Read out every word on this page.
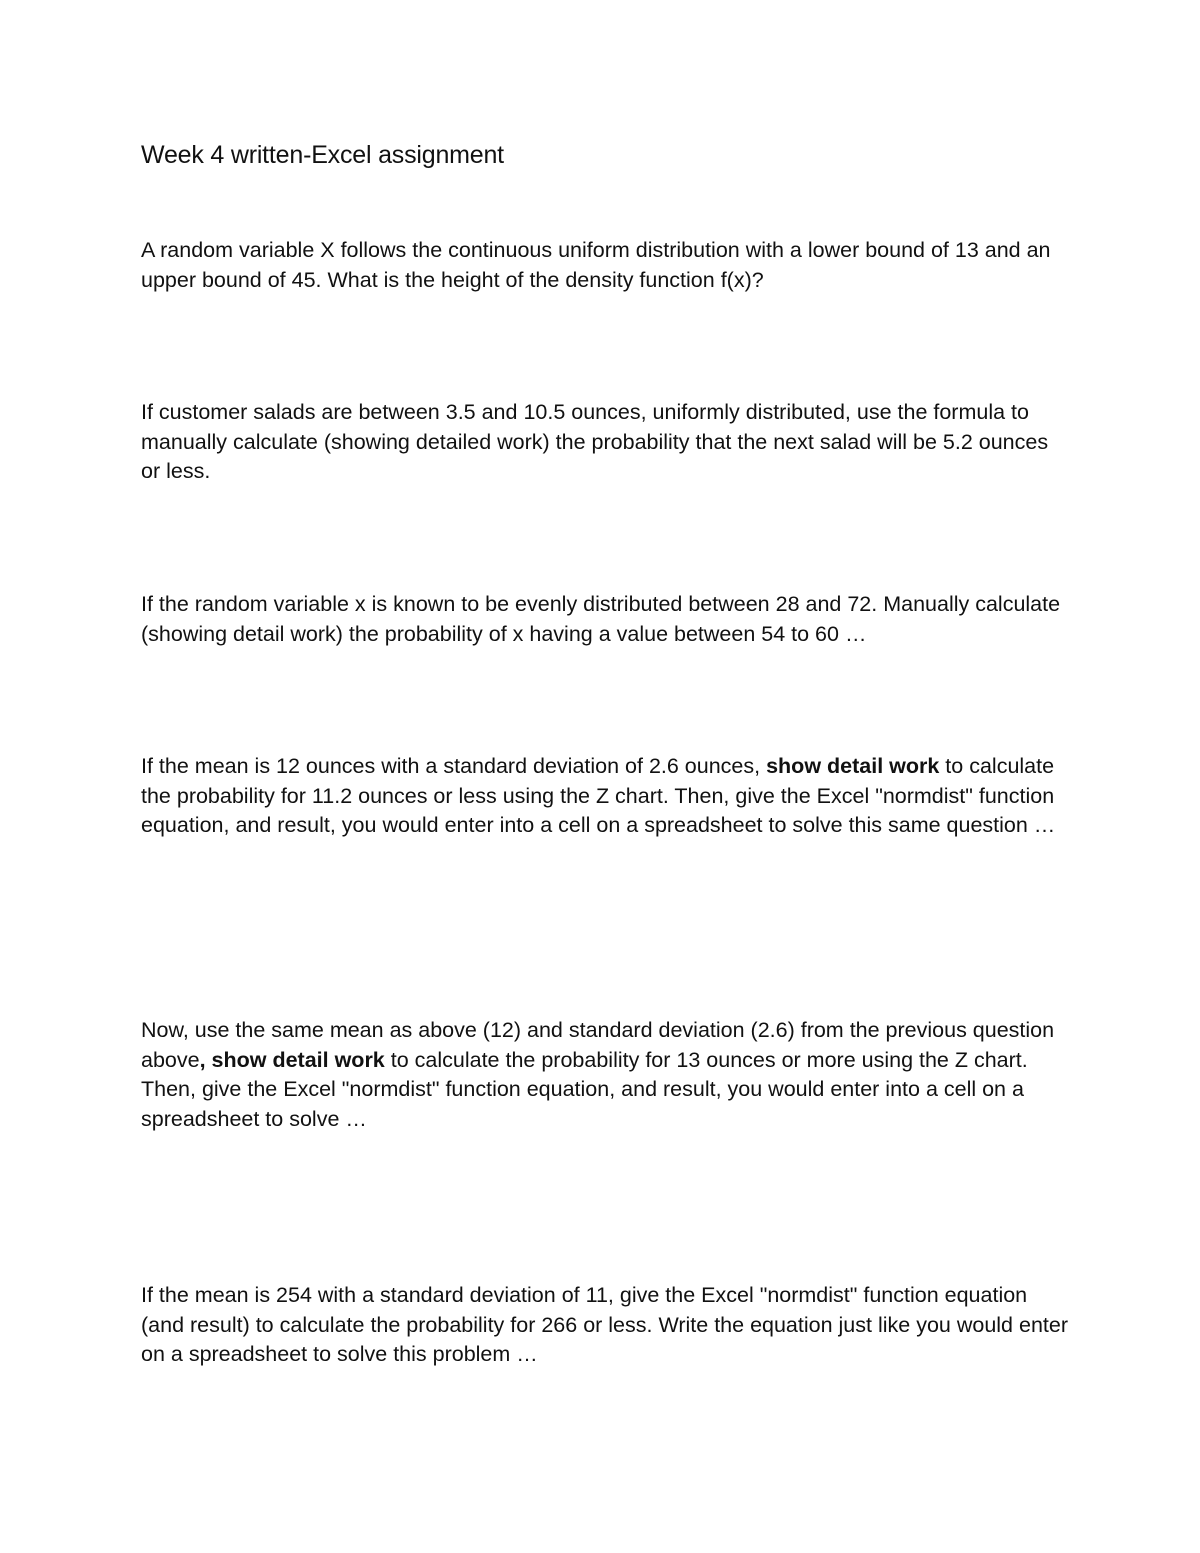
Week 4 written-Excel assignment

A random variable X follows the continuous uniform distribution with a lower bound of 13 and an upper bound of 45. What is the height of the density function f(x)?

If customer salads are between 3.5 and 10.5 ounces, uniformly distributed, use the formula to manually calculate (showing detailed work) the probability that the next salad will be 5.2 ounces or less.

If the random variable x is known to be evenly distributed between 28 and 72. Manually calculate (showing detail work) the probability of x having a value between 54 to 60 …

If the mean is 12 ounces with a standard deviation of 2.6 ounces, show detail work to calculate the probability for 11.2 ounces or less using the Z chart. Then, give the Excel "normdist" function equation, and result, you would enter into a cell on a spreadsheet to solve this same question …

Now, use the same mean as above (12) and standard deviation (2.6) from the previous question above, show detail work to calculate the probability for 13 ounces or more using the Z chart. Then, give the Excel "normdist" function equation, and result, you would enter into a cell on a spreadsheet to solve …

If the mean is 254 with a standard deviation of 11, give the Excel "normdist" function equation (and result) to calculate the probability for 266 or less. Write the equation just like you would enter on a spreadsheet to solve this problem …
